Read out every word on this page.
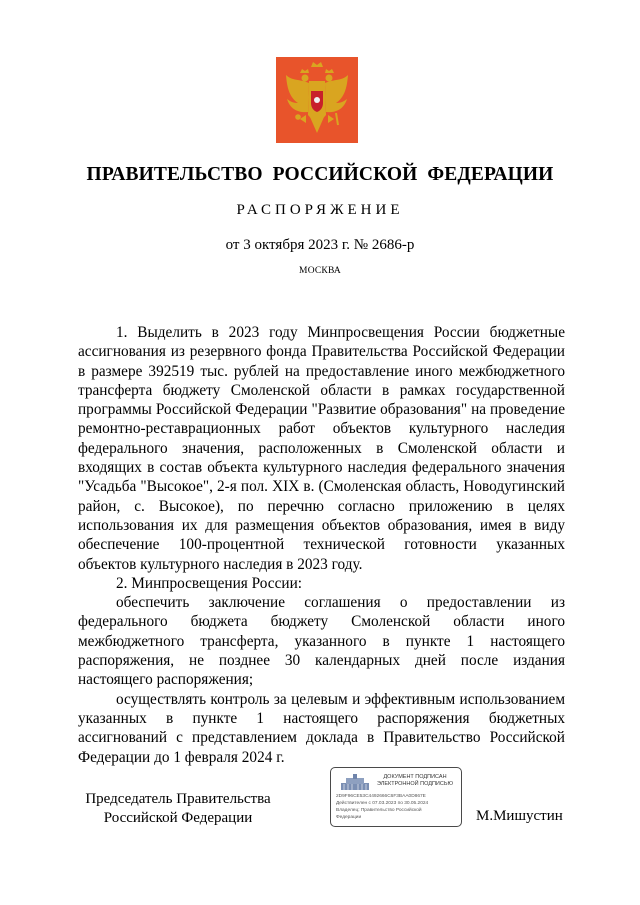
ПРАВИТЕЛЬСТВО РОССИЙСКОЙ ФЕДЕРАЦИИ
РАСПОРЯЖЕНИЕ
от 3 октября 2023 г. № 2686-р
МОСКВА

1. Выделить в 2023 году Минпросвещения России бюджетные ассигнования из резервного фонда Правительства Российской Федерации в размере 392519 тыс. рублей на предоставление иного межбюджетного трансферта бюджету Смоленской области в рамках государственной программы Российской Федерации "Развитие образования" на проведение ремонтно-реставрационных работ объектов культурного наследия федерального значения, расположенных в Смоленской области и входящих в состав объекта культурного наследия федерального значения "Усадьба "Высокое", 2-я пол. XIX в. (Смоленская область, Новодугинский район, с. Высокое), по перечню согласно приложению в целях использования их для размещения объектов образования, имея в виду обеспечение 100-процентной технической готовности указанных объектов культурного наследия в 2023 году.

2. Минпросвещения России:

обеспечить заключение соглашения о предоставлении из федерального бюджета бюджету Смоленской области иного межбюджетного трансферта, указанного в пункте 1 настоящего распоряжения, не позднее 30 календарных дней после издания настоящего распоряжения;

осуществлять контроль за целевым и эффективным использованием указанных в пункте 1 настоящего распоряжения бюджетных ассигнований с представлением доклада в Правительство Российской Федерации до 1 февраля 2024 г.

Председатель Правительства
Российской Федерации
ДОКУМЕНТ ПОДПИСАН
ЭЛЕКТРОННОЙ ПОДПИСЬЮ
2D9F96CE53C4492666C6F3BAA0D867E
Действителен с 07.03.2023 по 30.05.2024
Владелец: Правительство Российской
Федерации	М.Мишустин
